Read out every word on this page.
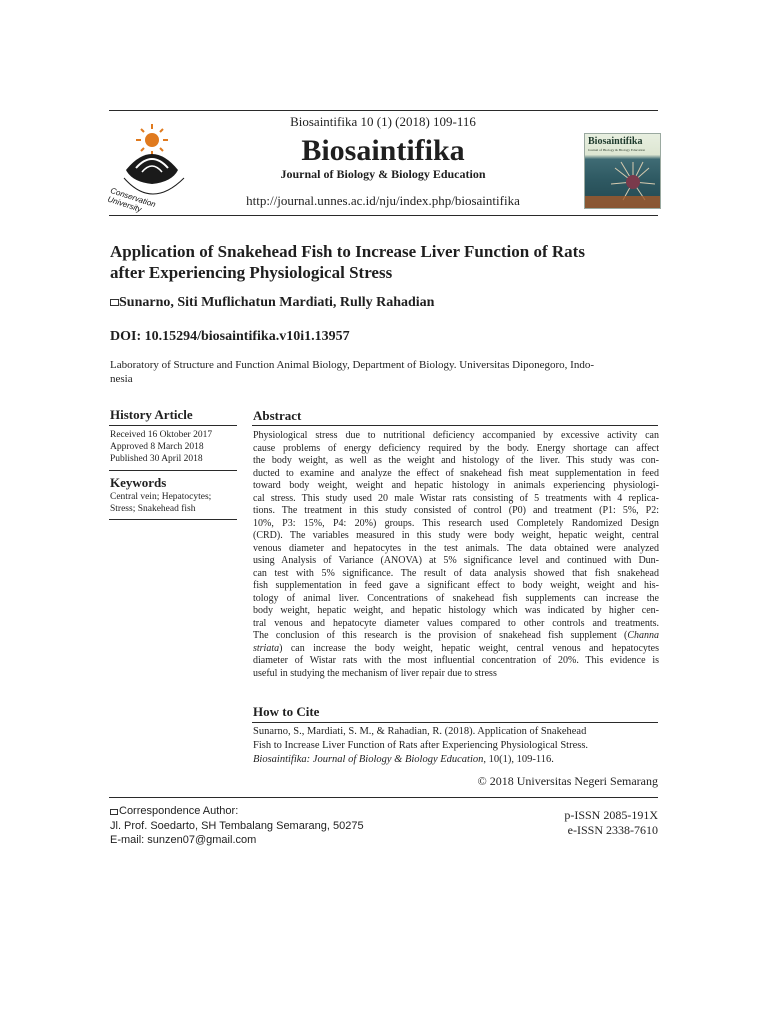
Conservation University
Biosaintifika 10 (1) (2018) 109-116
Biosaintifika
Journal of Biology & Biology Education
http://journal.unnes.ac.id/nju/index.php/biosaintifika
Biosaintifika
Journal of Biology & Biology Education
Application of Snakehead Fish to Increase Liver Function of Rats
after Experiencing Physiological Stress
Sunarno, Siti Muflichatun Mardiati, Rully Rahadian
DOI: 10.15294/biosaintifika.v10i1.13957
Laboratory of Structure and Function Animal Biology, Department of Biology. Universitas Diponegoro, Indo-
nesia
History Article
Received 16 Oktober 2017
Approved 8 March 2018
Published 30 April 2018
Keywords
Central vein; Hepatocytes;
Stress; Snakehead fish
Abstract
Physiological stress due to nutritional deficiency accompanied by excessive activity can
cause problems of energy deficiency required by the body. Energy shortage can affect
the body weight, as well as the weight and histology of the liver. This study was con-
ducted to examine and analyze the effect of snakehead fish meat supplementation in feed
toward body weight, weight and hepatic histology in animals experiencing physiologi-
cal stress. This study used 20 male Wistar rats consisting of 5 treatments with 4 replica-
tions. The treatment in this study consisted of control (P0) and treatment (P1: 5%, P2:
10%, P3: 15%, P4: 20%) groups. This research used Completely Randomized Design
(CRD). The variables measured in this study were body weight, hepatic weight, central
venous diameter and hepatocytes in the test animals. The data obtained were analyzed
using Analysis of Variance (ANOVA) at 5% significance level and continued with Dun-
can test with 5% significance. The result of data analysis showed that fish snakehead
fish supplementation in feed gave a significant effect to body weight, weight and his-
tology of animal liver. Concentrations of snakehead fish supplements can increase the
body weight, hepatic weight, and hepatic histology which was indicated by higher cen-
tral venous and hepatocyte diameter values compared to other controls and treatments.
The conclusion of this research is the provision of snakehead fish supplement (Channa
striata) can increase the body weight, hepatic weight, central venous and hepatocytes
diameter of Wistar rats with the most influential concentration of 20%. This evidence is
useful in studying the mechanism of liver repair due to stress
How to Cite
Sunarno, S., Mardiati, S. M., & Rahadian, R. (2018). Application of Snakehead
Fish to Increase Liver Function of Rats after Experiencing Physiological Stress.
Biosaintifika: Journal of Biology & Biology Education, 10(1), 109-116.
© 2018 Universitas Negeri Semarang
Correspondence Author:
Jl. Prof. Soedarto, SH Tembalang Semarang, 50275
E-mail: sunzen07@gmail.com
p-ISSN 2085-191X
e-ISSN 2338-7610
